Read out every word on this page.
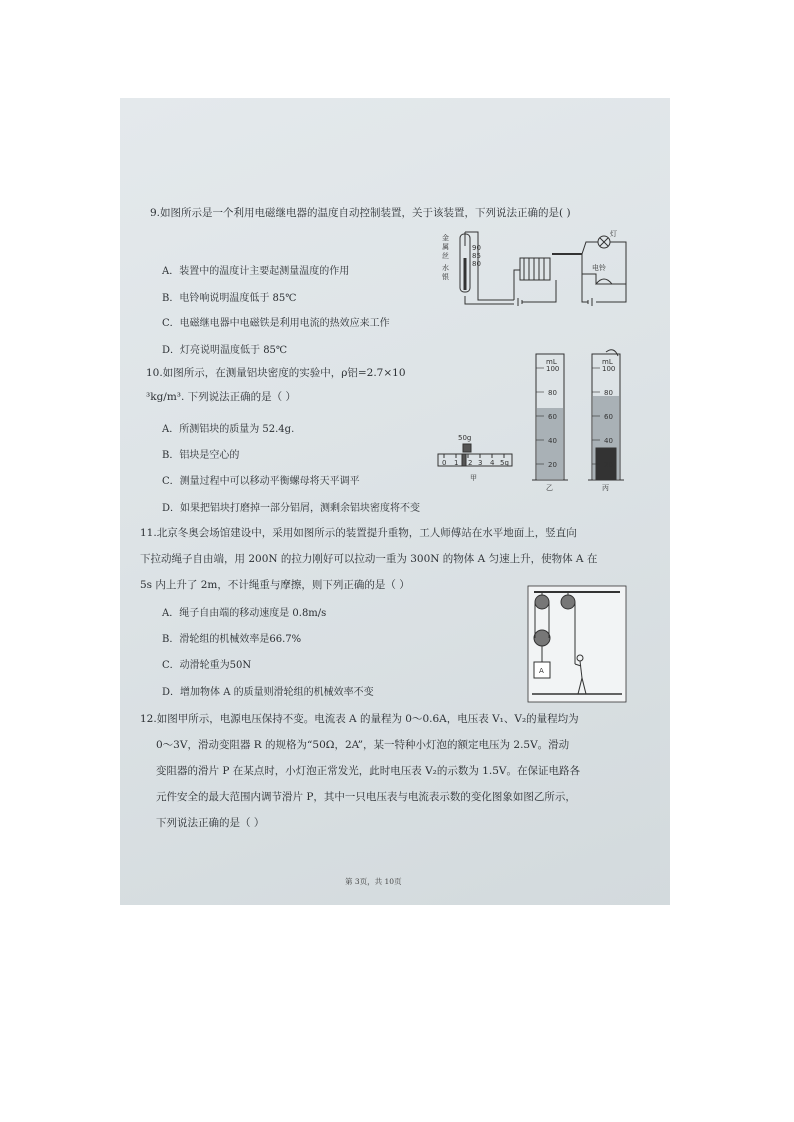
9.如图所示是一个利用电磁继电器的温度自动控制装置，关于该装置，下列说法正确的是( )
A．装置中的温度计主要起测量温度的作用
B．电铃响说明温度低于 85℃
C．电磁继电器中电磁铁是利用电流的热效应来工作
D．灯亮说明温度低于 85℃
金
属
丝
水
银
90
85
80
灯
电铃
10.如图所示，在测量铝块密度的实验中，ρ铝=2.7×10
³kg/m³. 下列说法正确的是（ ）
A．所测铝块的质量为 52.4g.
B．铝块是空心的
C．测量过程中可以移动平衡螺母将天平调平
D．如果把铝块打磨掉一部分铝屑，测剩余铝块密度将不变
50g
0 1 2 3 4 5g
甲
mL
100
80
60
40
20
mL
100
80
60
40
20
乙	丙
11.北京冬奥会场馆建设中，采用如图所示的装置提升重物，工人师傅站在水平地面上，竖直向
下拉动绳子自由端，用 200N 的拉力刚好可以拉动一重为 300N 的物体 A 匀速上升，使物体 A 在
5s 内上升了 2m，不计绳重与摩擦，则下列正确的是（ ）
A．绳子自由端的移动速度是 0.8m/s
B．滑轮组的机械效率是66.7%
C．动滑轮重为50N
D．增加物体 A 的质量则滑轮组的机械效率不变
A
12.如图甲所示，电源电压保持不变。电流表 A 的量程为 0～0.6A，电压表 V₁、V₂的量程均为
0～3V，滑动变阻器 R 的规格为“50Ω，2A”，某一特种小灯泡的额定电压为 2.5V。滑动
变阻器的滑片 P 在某点时，小灯泡正常发光，此时电压表 V₂的示数为 1.5V。在保证电路各
元件安全的最大范围内调节滑片 P，其中一只电压表与电流表示数的变化图象如图乙所示，
下列说法正确的是（ ）
第 3页，共 10页
